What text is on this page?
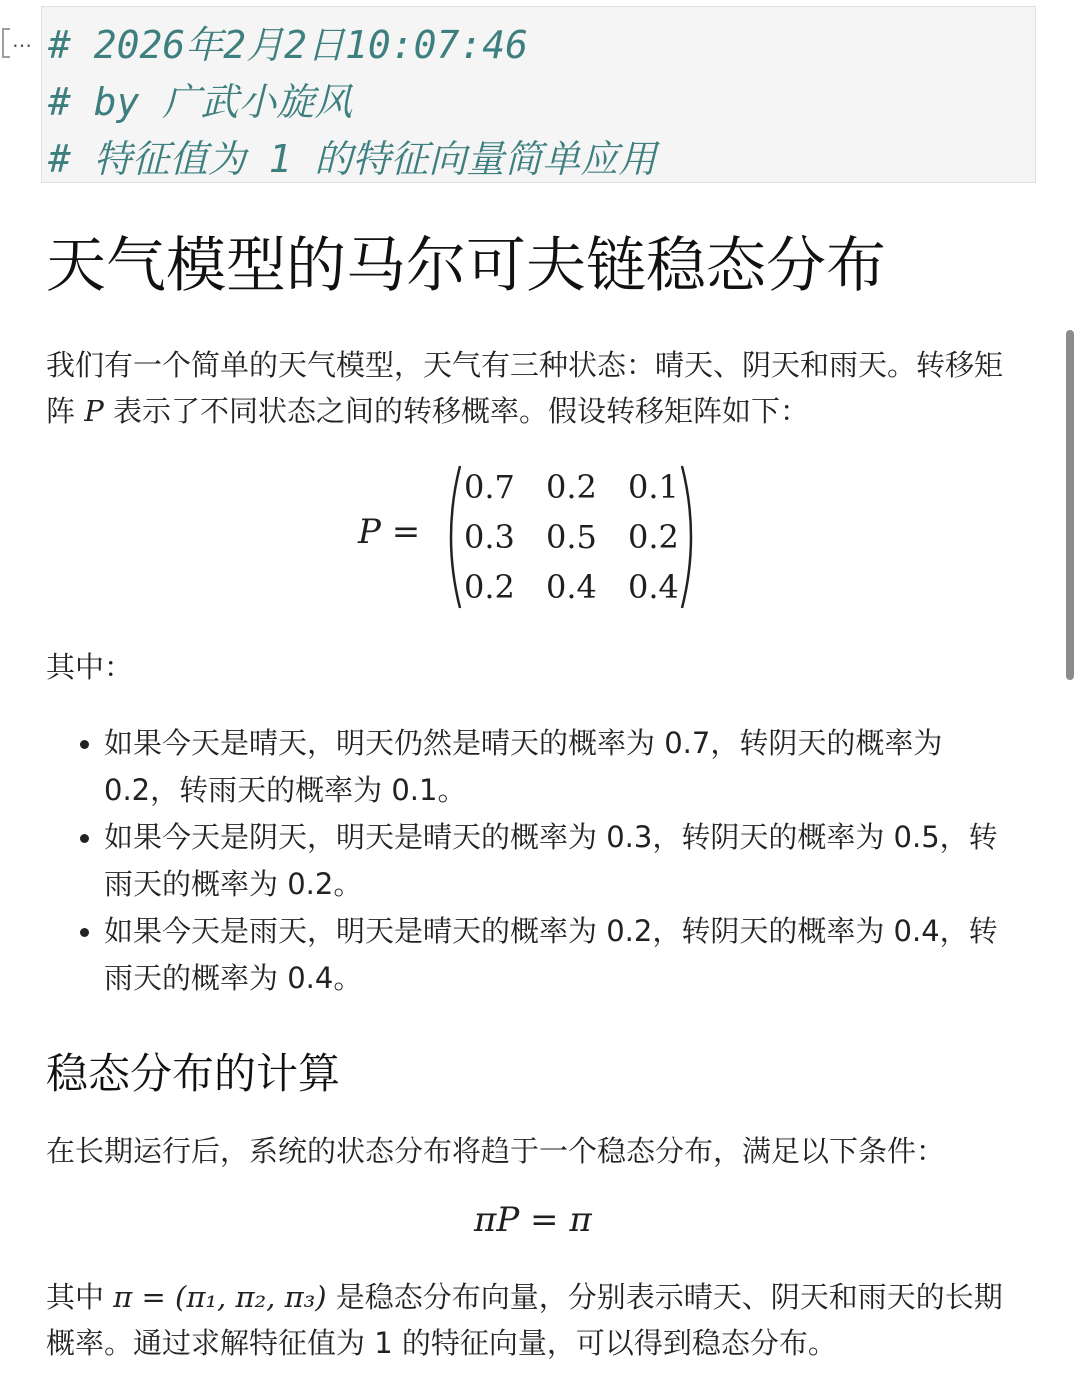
… # 2026年2月2日10:07:46
# by 广武小旋风
# 特征值为 1 的特征向量简单应用
天气模型的马尔可夫链稳态分布
我们有一个简单的天气模型，天气有三种状态：晴天、阴天和雨天。转移矩阵 P 表示了不同状态之间的转移概率。假设转移矩阵如下：
P =
0.7 0.2 0.1
0.3 0.5 0.2
0.2 0.4 0.4
其中：
如果今天是晴天，明天仍然是晴天的概率为 0.7，转阴天的概率为 0.2，转雨天的概率为 0.1。
如果今天是阴天，明天是晴天的概率为 0.3，转阴天的概率为 0.5，转雨天的概率为 0.2。
如果今天是雨天，明天是晴天的概率为 0.2，转阴天的概率为 0.4，转雨天的概率为 0.4。
稳态分布的计算
在长期运行后，系统的状态分布将趋于一个稳态分布，满足以下条件：
πP = π
其中 π = (π₁, π₂, π₃) 是稳态分布向量，分别表示晴天、阴天和雨天的长期概率。通过求解特征值为 1 的特征向量，可以得到稳态分布。
